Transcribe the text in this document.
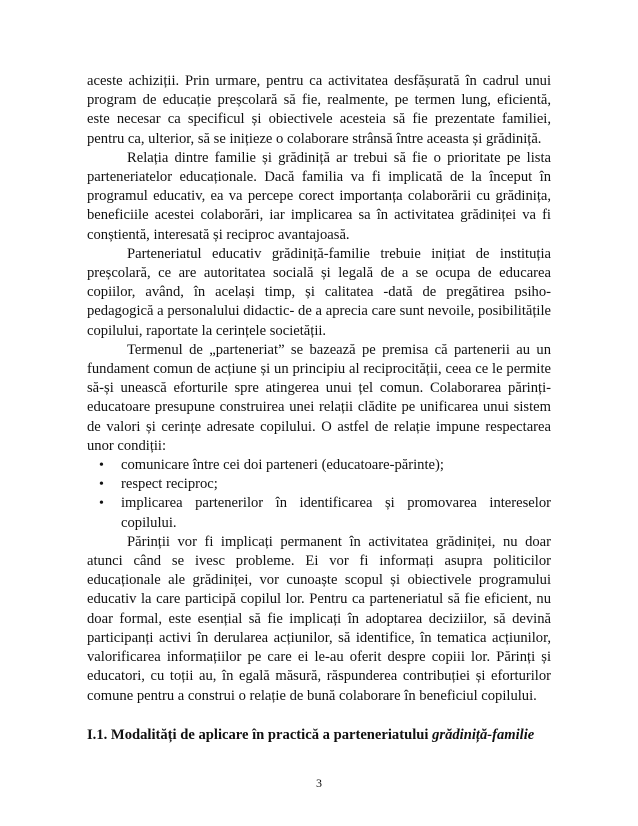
aceste achiziții. Prin urmare, pentru ca activitatea desfășurată în cadrul unui program de educație preșcolară să fie, realmente, pe termen lung, eficientă, este necesar ca specificul și obiectivele acesteia să fie prezentate familiei, pentru ca, ulterior, să se inițieze o colaborare strânsă între aceasta și grădiniță.

Relația dintre familie și grădiniță ar trebui să fie o prioritate pe lista parteneriatelor educaționale. Dacă familia va fi implicată de la început în programul educativ, ea va percepe corect importanța colaborării cu grădinița, beneficiile acestei colaborări, iar implicarea sa în activitatea grădiniței va fi conștientă, interesată și reciproc avantajoasă.

Parteneriatul educativ grădiniță-familie trebuie inițiat de instituția preșcolară, ce are autoritatea socială și legală de a se ocupa de educarea copiilor, având, în același timp, și calitatea -dată de pregătirea psiho-pedagogică a personalului didactic- de a aprecia care sunt nevoile, posibilitățile copilului, raportate la cerințele societății.

Termenul de „parteneriat” se bazează pe premisa că partenerii au un fundament comun de acțiune și un principiu al reciprocității, ceea ce le permite să-și unească eforturile spre atingerea unui țel comun. Colaborarea părinți-educatoare presupune construirea unei relații clădite pe unificarea unui sistem de valori și cerințe adresate copilului. O astfel de relație impune respectarea unor condiții:

• comunicare între cei doi parteneri (educatoare-părinte);
• respect reciproc;
• implicarea partenerilor în identificarea și promovarea intereselor copilului.

Părinții vor fi implicați permanent în activitatea grădiniței, nu doar atunci când se ivesc probleme. Ei vor fi informați asupra politicilor educaționale ale grădiniței, vor cunoaște scopul și obiectivele programului educativ la care participă copilul lor. Pentru ca parteneriatul să fie eficient, nu doar formal, este esențial să fie implicați în adoptarea deciziilor, să devină participanți activi în derularea acțiunilor, să identifice, în tematica acțiunilor, valorificarea informațiilor pe care ei le-au oferit despre copiii lor. Părinți și educatori, cu toții au, în egală măsură, răspunderea contribuției și eforturilor comune pentru a construi o relație de bună colaborare în beneficiul copilului.

I.1. Modalități de aplicare în practică a parteneriatului grădiniță-familie
3
